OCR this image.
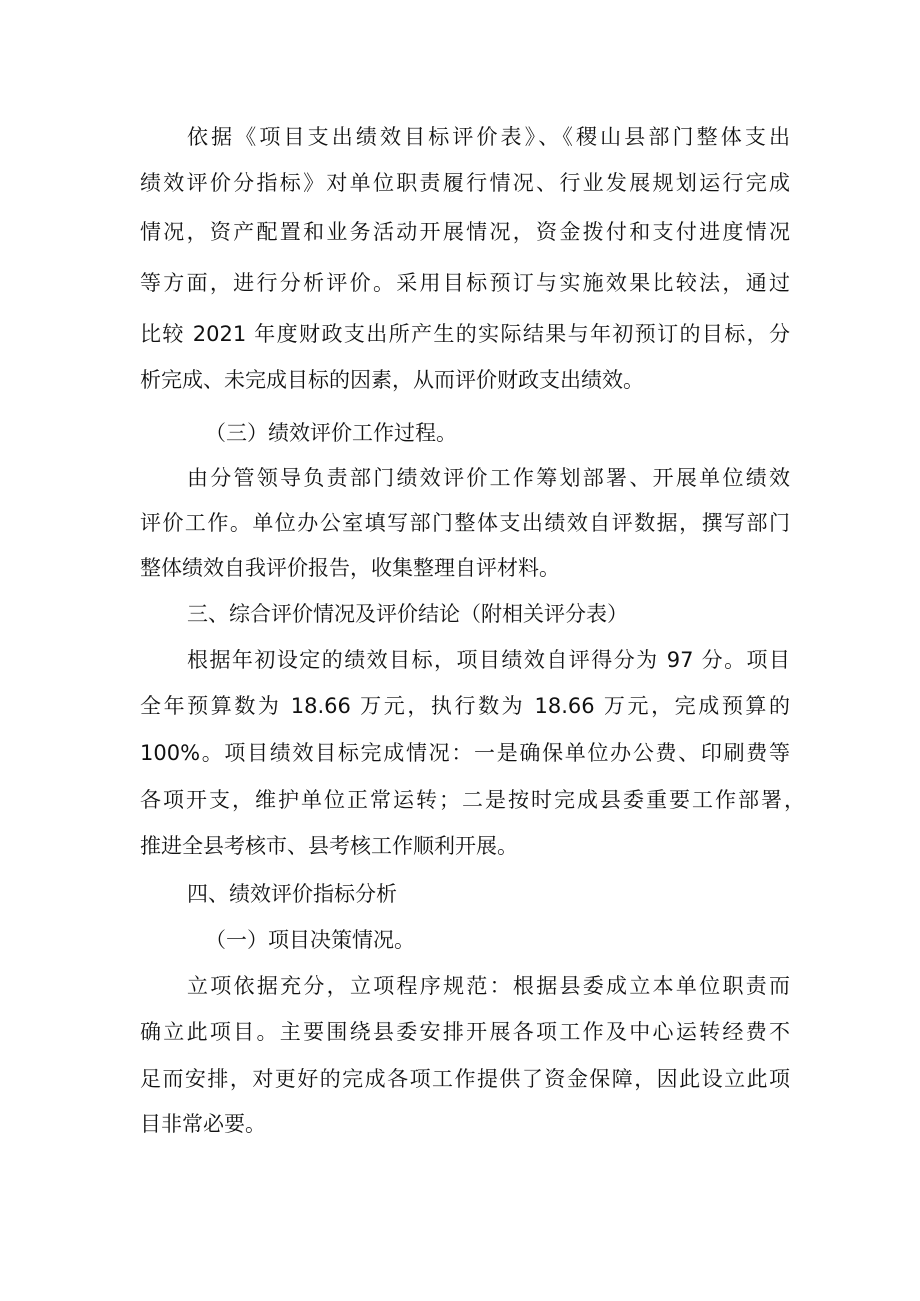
依据《项目支出绩效目标评价表》、《稷山县部门整体支出
绩效评价分指标》对单位职责履行情况、行业发展规划运行完成
情况，资产配置和业务活动开展情况，资金拨付和支付进度情况
等方面，进行分析评价。采用目标预订与实施效果比较法，通过
比较 2021 年度财政支出所产生的实际结果与年初预订的目标，分
析完成、未完成目标的因素，从而评价财政支出绩效。
（三）绩效评价工作过程。
由分管领导负责部门绩效评价工作筹划部署、开展单位绩效
评价工作。单位办公室填写部门整体支出绩效自评数据，撰写部门
整体绩效自我评价报告，收集整理自评材料。
三、综合评价情况及评价结论（附相关评分表）
根据年初设定的绩效目标，项目绩效自评得分为 97 分。项目
全年预算数为 18.66 万元，执行数为 18.66 万元，完成预算的
100%。项目绩效目标完成情况：一是确保单位办公费、印刷费等
各项开支，维护单位正常运转；二是按时完成县委重要工作部署，
推进全县考核市、县考核工作顺利开展。
四、绩效评价指标分析
（一）项目决策情况。
立项依据充分，立项程序规范：根据县委成立本单位职责而
确立此项目。主要围绕县委安排开展各项工作及中心运转经费不
足而安排，对更好的完成各项工作提供了资金保障，因此设立此项
目非常必要。
